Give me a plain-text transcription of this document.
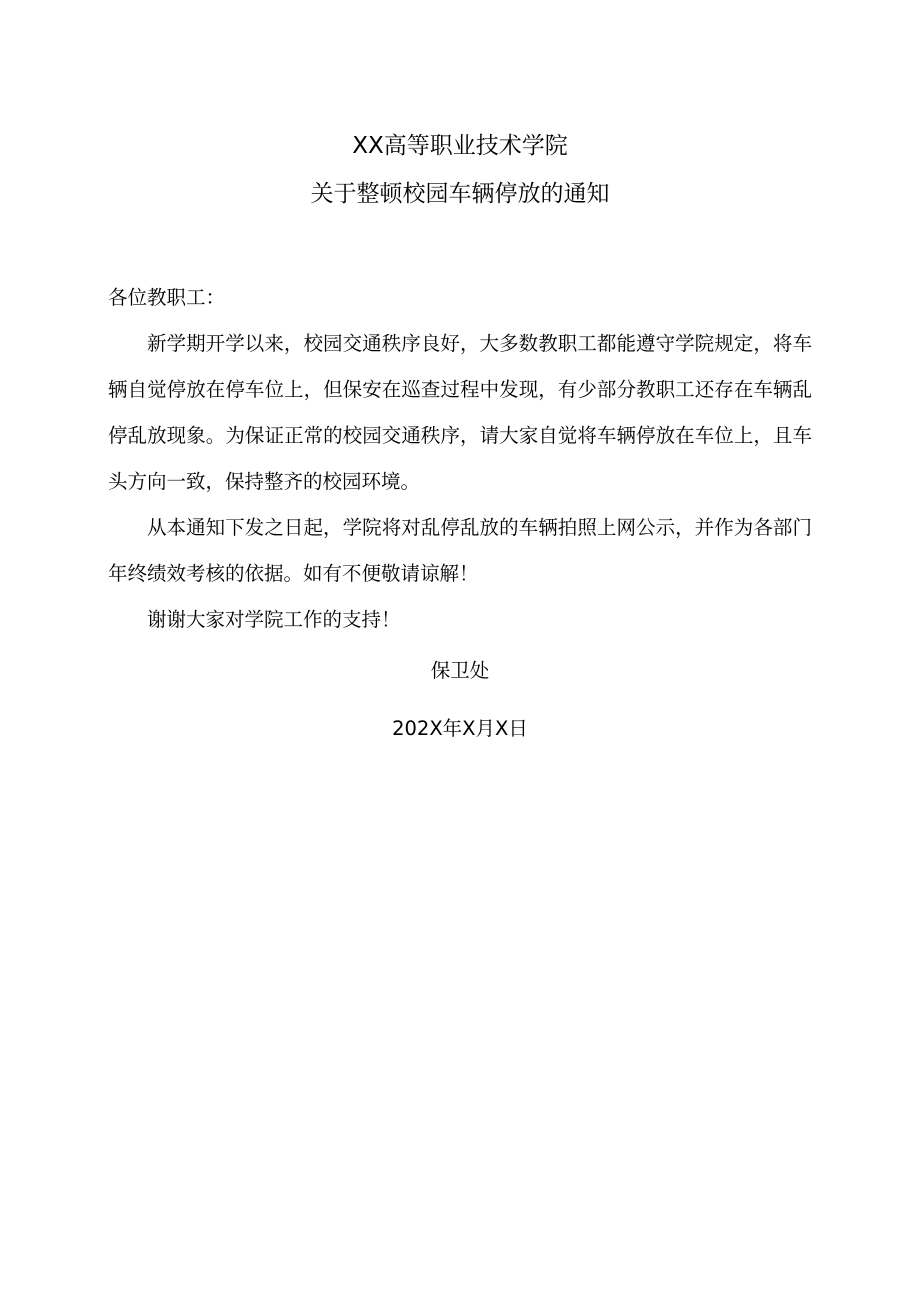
XX高等职业技术学院
关于整顿校园车辆停放的通知

各位教职工：

新学期开学以来，校园交通秩序良好，大多数教职工都能遵守学院规定，将车辆自觉停放在停车位上，但保安在巡查过程中发现，有少部分教职工还存在车辆乱停乱放现象。为保证正常的校园交通秩序，请大家自觉将车辆停放在车位上，且车头方向一致，保持整齐的校园环境。

从本通知下发之日起，学院将对乱停乱放的车辆拍照上网公示，并作为各部门年终绩效考核的依据。如有不便敬请谅解！

谢谢大家对学院工作的支持！

保卫处
202X年X月X日
